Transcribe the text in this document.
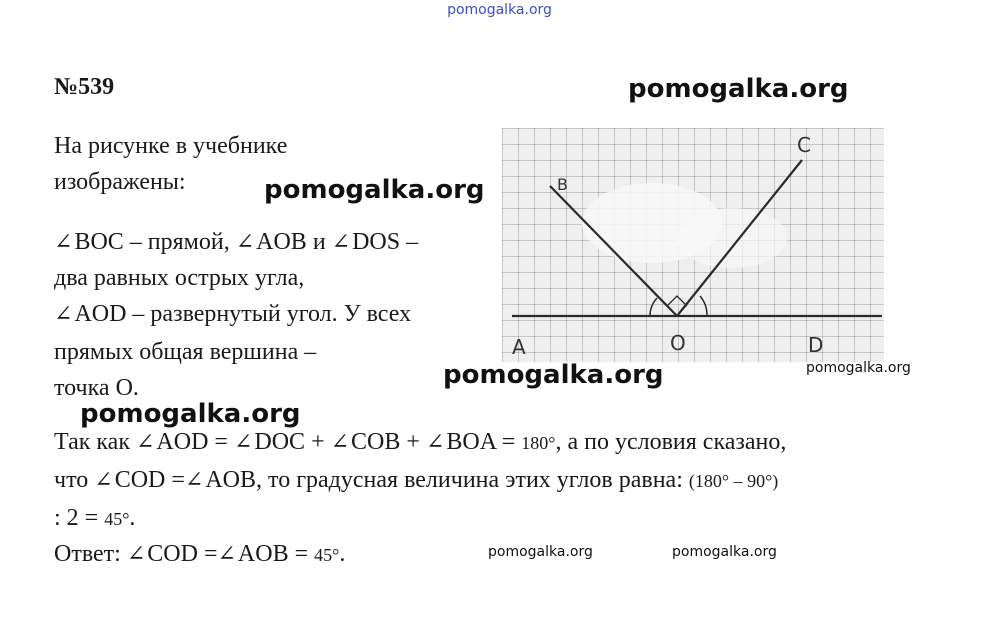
pomogalka.org
№539
A	O	D
B
C
На рисунке в учебнике
изображены:
∠BOC – прямой, ∠AOB и ∠DOS –
два равных острых угла,
∠AOD – развернутый угол. У всех
прямых общая вершина –
точка О.
Так как ∠AOD = ∠DOC + ∠COB + ∠BOA = 180°, а по условия сказано,
что ∠COD =∠AOB, то градусная величина этих углов равна: (180° – 90°)
: 2 = 45°.
Ответ: ∠COD =∠AOB = 45°.
pomogalka.org
pomogalka.org
pomogalka.org	pomogalka.org
pomogalka.org
pomogalka.org	pomogalka.org
